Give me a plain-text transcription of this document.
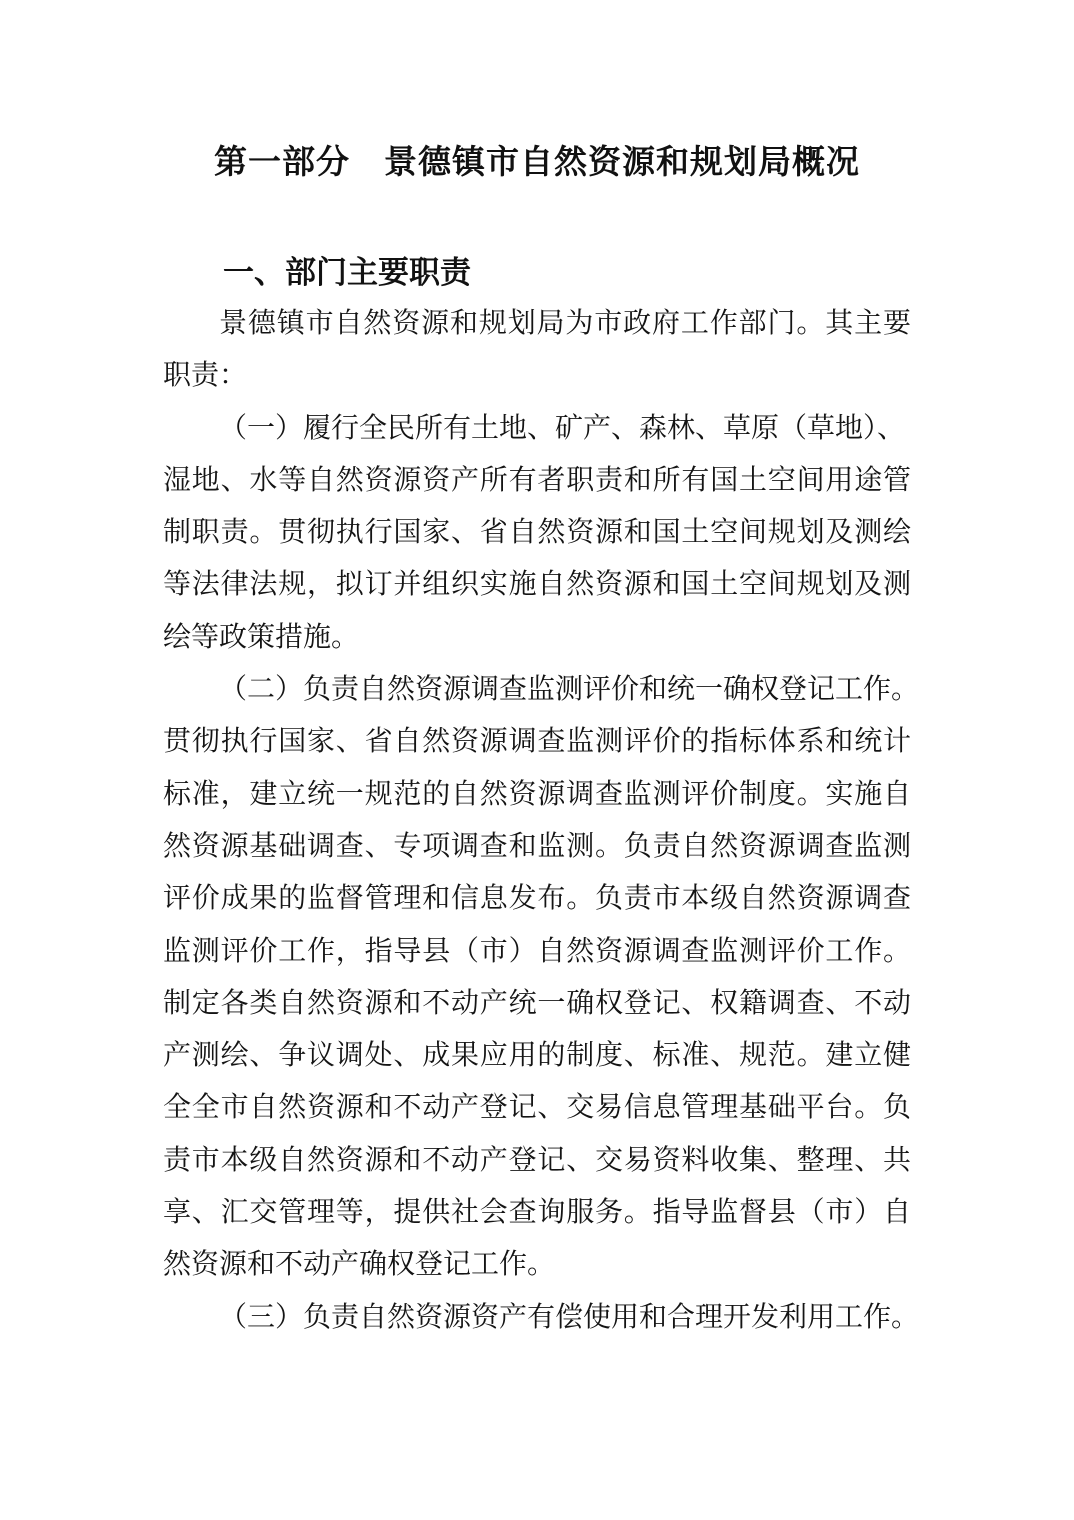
第一部分　景德镇市自然资源和规划局概况
一、部门主要职责
景德镇市自然资源和规划局为市政府工作部门。其主要
职责：
（一）履行全民所有土地、矿产、森林、草原（草地）、
湿地、水等自然资源资产所有者职责和所有国土空间用途管
制职责。贯彻执行国家、省自然资源和国土空间规划及测绘
等法律法规，拟订并组织实施自然资源和国土空间规划及测
绘等政策措施。
（二）负责自然资源调查监测评价和统一确权登记工作。
贯彻执行国家、省自然资源调查监测评价的指标体系和统计
标准，建立统一规范的自然资源调查监测评价制度。实施自
然资源基础调查、专项调查和监测。负责自然资源调查监测
评价成果的监督管理和信息发布。负责市本级自然资源调查
监测评价工作，指导县（市）自然资源调查监测评价工作。
制定各类自然资源和不动产统一确权登记、权籍调查、不动
产测绘、争议调处、成果应用的制度、标准、规范。建立健
全全市自然资源和不动产登记、交易信息管理基础平台。负
责市本级自然资源和不动产登记、交易资料收集、整理、共
享、汇交管理等，提供社会查询服务。指导监督县（市）自
然资源和不动产确权登记工作。
（三）负责自然资源资产有偿使用和合理开发利用工作。
